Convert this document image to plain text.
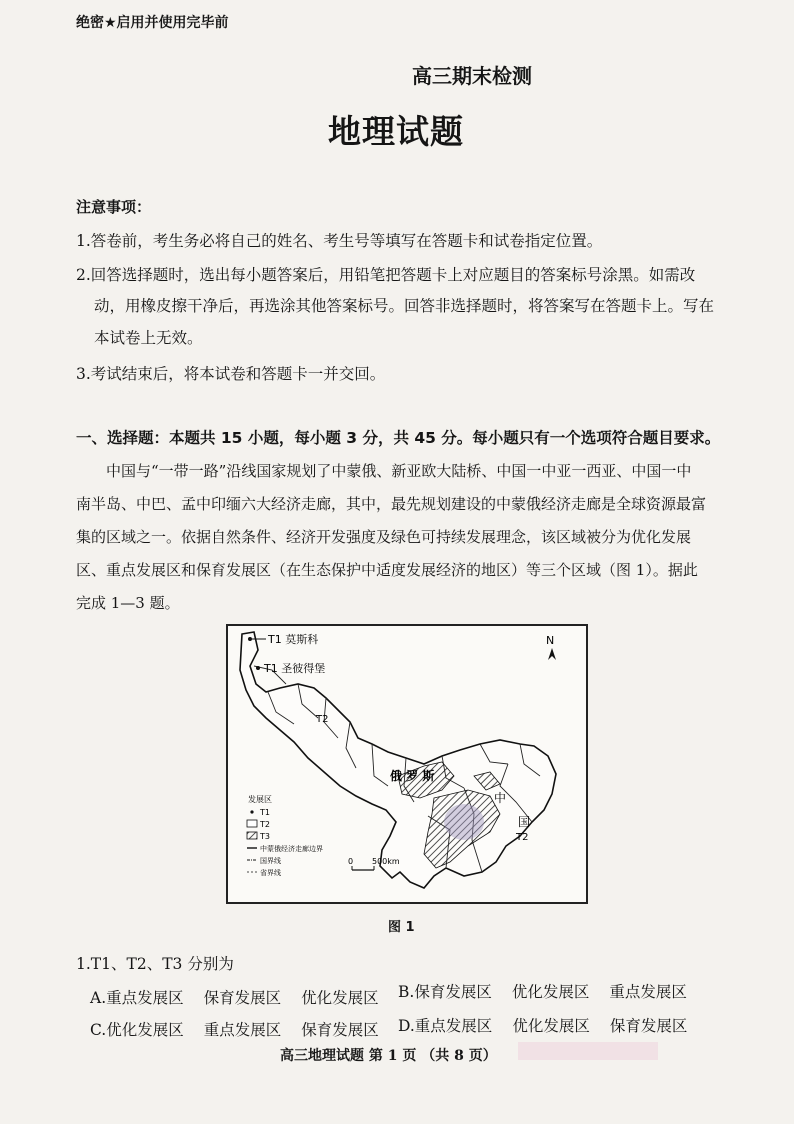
绝密★启用并使用完毕前
高三期末检测
地理试题
注意事项：
1.答卷前，考生务必将自己的姓名、考生号等填写在答题卡和试卷指定位置。
2.回答选择题时，选出每小题答案后，用铅笔把答题卡上对应题目的答案标号涂黑。如需改
动，用橡皮擦干净后，再选涂其他答案标号。回答非选择题时，将答案写在答题卡上。写在
本试卷上无效。
3.考试结束后，将本试卷和答题卡一并交回。
一、选择题：本题共 15 小题，每小题 3 分，共 45 分。每小题只有一个选项符合题目要求。
中国与“一带一路”沿线国家规划了中蒙俄、新亚欧大陆桥、中国一中亚一西亚、中国一中
南半岛、中巴、孟中印缅六大经济走廊，其中，最先规划建设的中蒙俄经济走廊是全球资源最富
集的区域之一。依据自然条件、经济开发强度及绿色可持续发展理念，该区域被分为优化发展
区、重点发展区和保育发展区（在生态保护中适度发展经济的地区）等三个区域（图 1）。据此
完成 1—3 题。
T1 莫斯科
T1 圣彼得堡
T2
俄 罗 斯
中
国
T2
N
发展区
T1
T2
T3
中蒙俄经济走廊边界
国界线
省界线
0 500km
图 1
1.T1、T2、T3 分别为
A.重点发展区 保育发展区 优化发展区	B.保育发展区 优化发展区 重点发展区
C.优化发展区 重点发展区 保育发展区	D.重点发展区 优化发展区 保育发展区
高三地理试题 第 1 页 （共 8 页）
